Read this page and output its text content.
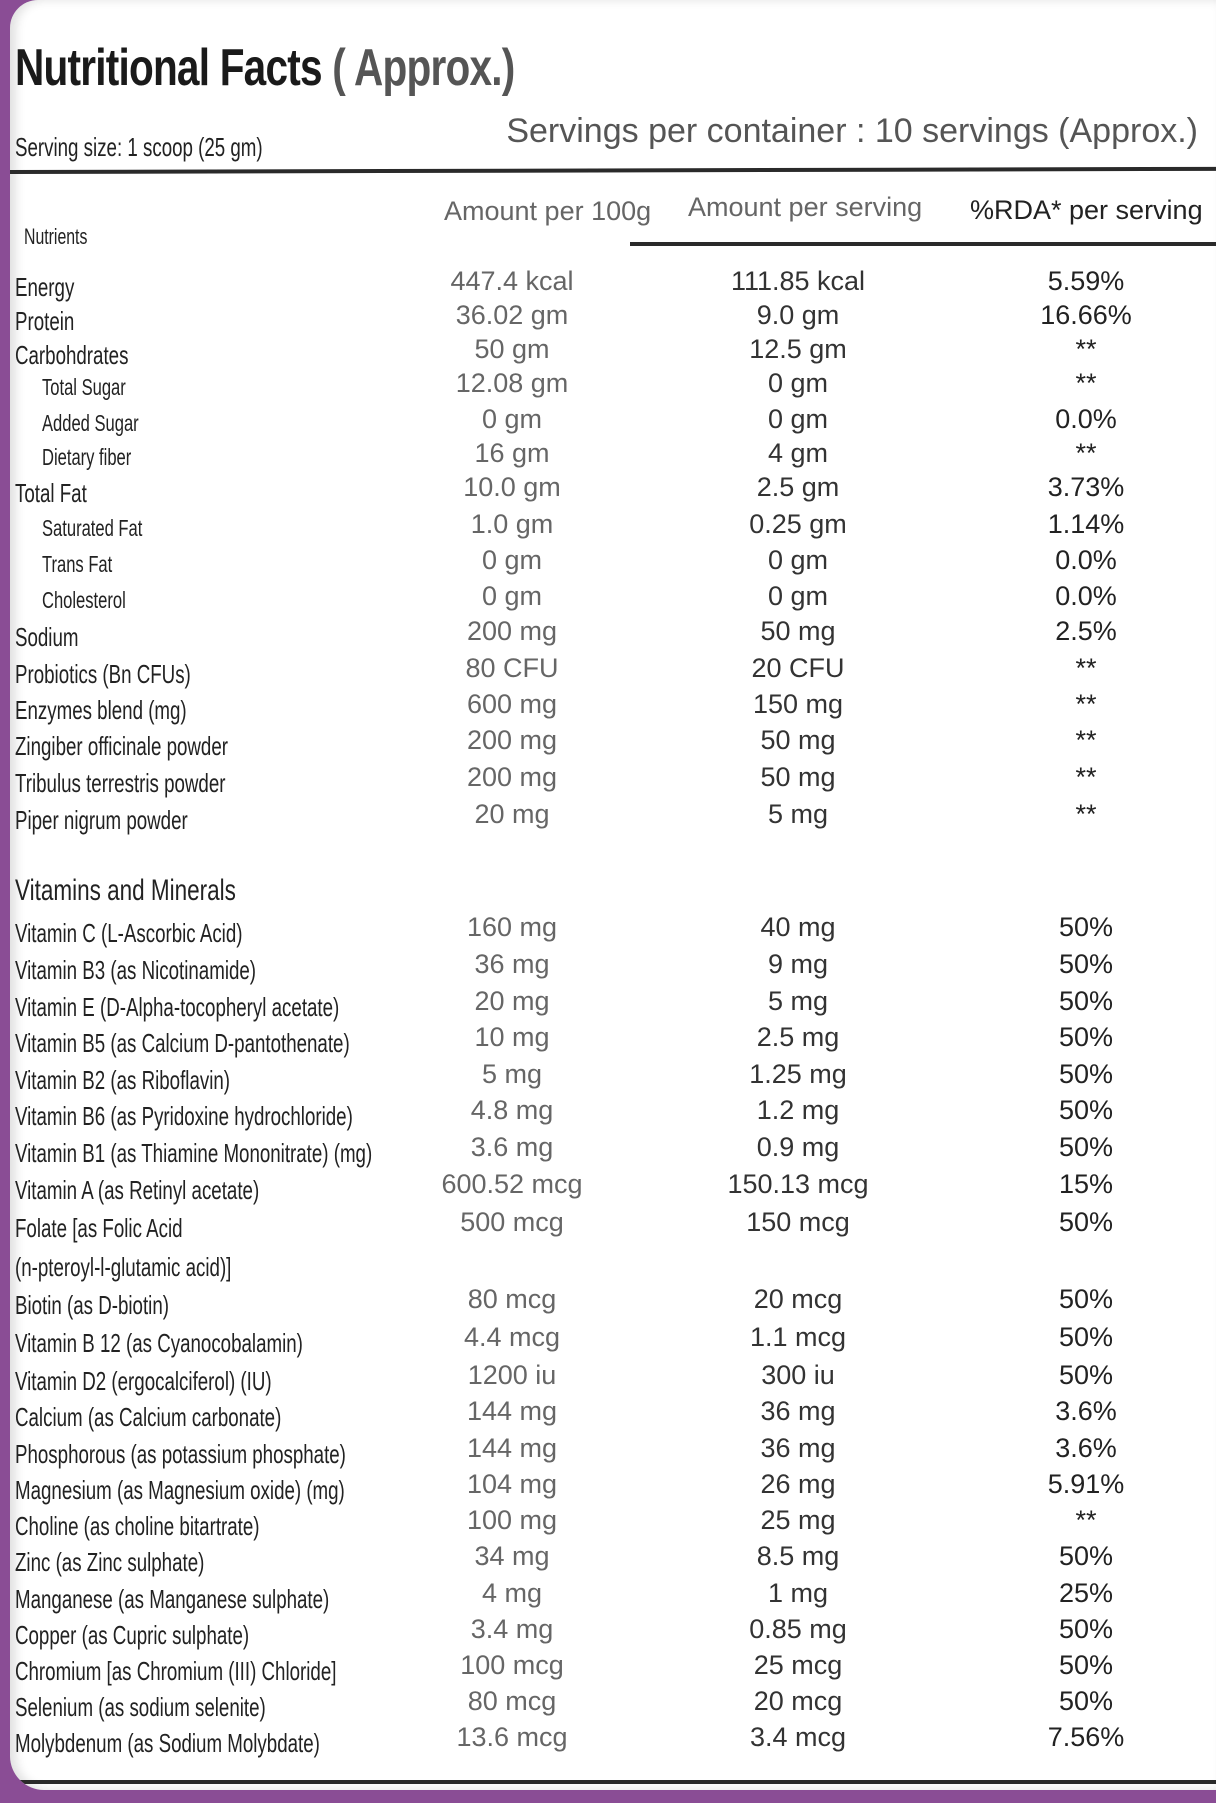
Nutritional Facts ( Approx.)
Serving size: 1 scoop (25 gm)	Servings per container : 10 servings (Approx.)
Nutrients
Amount per 100g Amount per serving %RDA* per serving
Energy	447.4 kcal	111.85 kcal	5.59%
Protein	36.02 gm	9.0 gm	16.66%
Carbohdrates	50 gm	12.5 gm	**
Total Sugar	12.08 gm	0 gm	**
Added Sugar	0 gm	0 gm	0.0%
Dietary fiber	16 gm	4 gm	**
Total Fat	10.0 gm	2.5 gm	3.73%
Saturated Fat	1.0 gm	0.25 gm	1.14%
Trans Fat	0 gm	0 gm	0.0%
Cholesterol	0 gm	0 gm	0.0%
Sodium	200 mg	50 mg	2.5%
Probiotics (Bn CFUs)	80 CFU	20 CFU	**
Enzymes blend (mg)	600 mg	150 mg	**
Zingiber officinale powder	200 mg	50 mg	**
Tribulus terrestris powder	200 mg	50 mg	**
Piper nigrum powder	20 mg	5 mg	**
Vitamins and Minerals
Vitamin C (L-Ascorbic Acid)	160 mg	40 mg	50%
Vitamin B3 (as Nicotinamide)	36 mg	9 mg	50%
Vitamin E (D-Alpha-tocopheryl acetate)	20 mg	5 mg	50%
Vitamin B5 (as Calcium D-pantothenate)	10 mg	2.5 mg	50%
Vitamin B2 (as Riboflavin)	5 mg	1.25 mg	50%
Vitamin B6 (as Pyridoxine hydrochloride)	4.8 mg	1.2 mg	50%
Vitamin B1 (as Thiamine Mononitrate) (mg)	3.6 mg	0.9 mg	50%
Vitamin A (as Retinyl acetate)	600.52 mcg	150.13 mcg	15%
Folate [as Folic Acid	500 mcg	150 mcg	50%
(n-pteroyl-l-glutamic acid)]
Biotin (as D-biotin)	80 mcg	20 mcg	50%
Vitamin B 12 (as Cyanocobalamin)	4.4 mcg	1.1 mcg	50%
Vitamin D2 (ergocalciferol) (IU)	1200 iu	300 iu	50%
Calcium (as Calcium carbonate)	144 mg	36 mg	3.6%
Phosphorous (as potassium phosphate)	144 mg	36 mg	3.6%
Magnesium (as Magnesium oxide) (mg)	104 mg	26 mg	5.91%
Choline (as choline bitartrate)	100 mg	25 mg	**
Zinc (as Zinc sulphate)	34 mg	8.5 mg	50%
Manganese (as Manganese sulphate)	4 mg	1 mg	25%
Copper (as Cupric sulphate)	3.4 mg	0.85 mg	50%
Chromium [as Chromium (III) Chloride]	100 mcg	25 mcg	50%
Selenium (as sodium selenite)	80 mcg	20 mcg	50%
Molybdenum (as Sodium Molybdate)	13.6 mcg	3.4 mcg	7.56%
